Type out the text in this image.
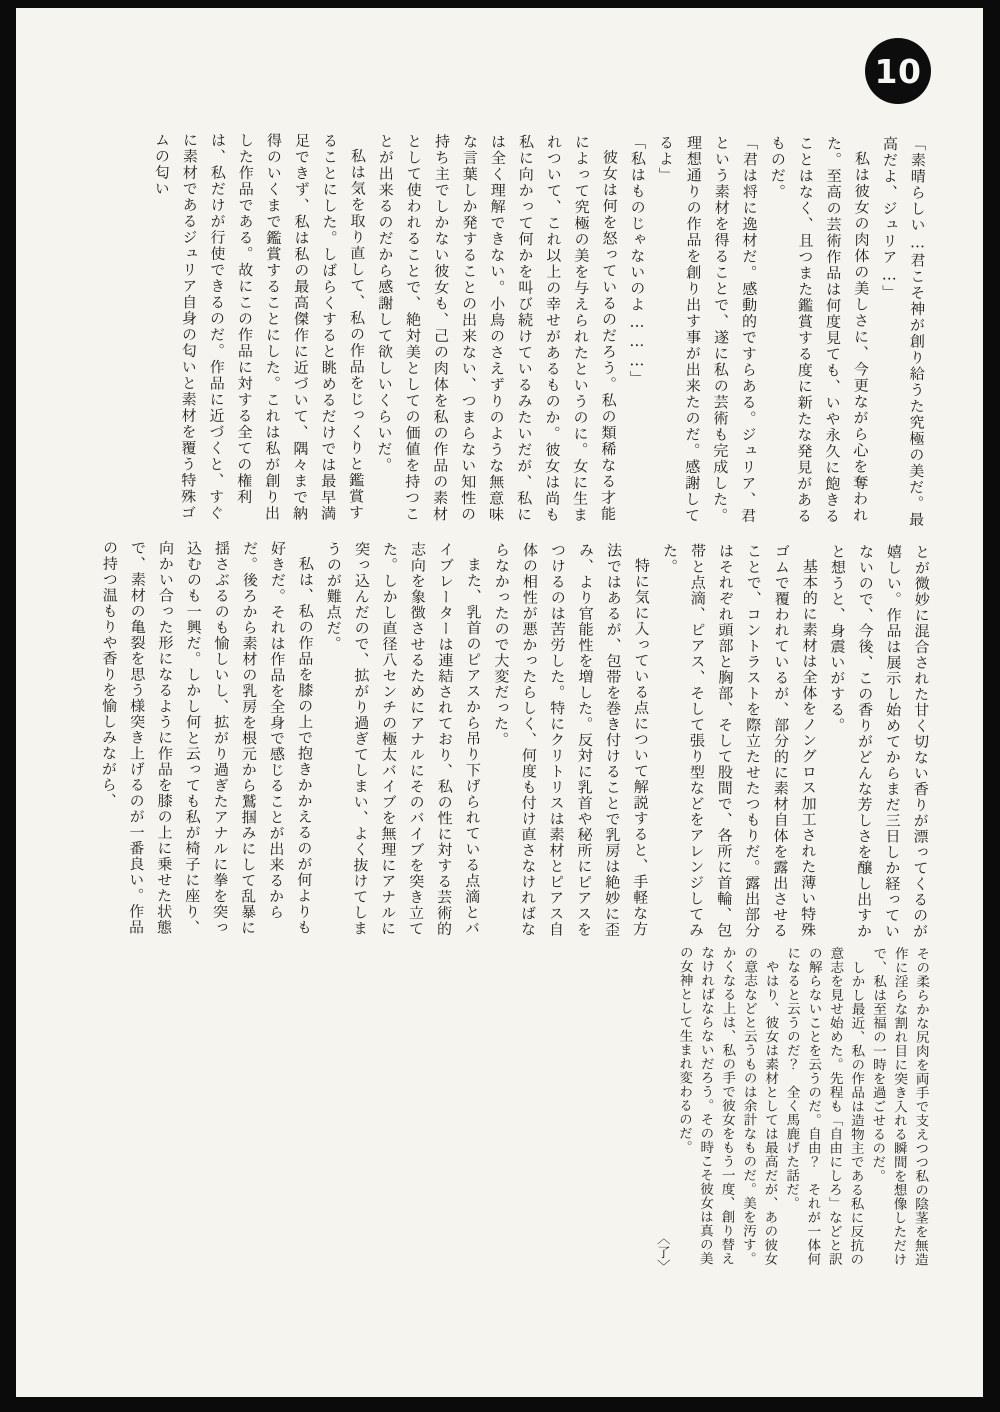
10

「素晴らしい…君こそ神が創り給うた究極の美だ。最高だよ、ジュリア…」

私は彼女の肉体の美しさに、今更ながら心を奪われた。至高の芸術作品は何度見ても、いや永久に飽きることはなく、且つまた鑑賞する度に新たな発見があるものだ。

「君は将に逸材だ。感動的ですらある。ジュリア、君という素材を得ることで、遂に私の芸術も完成した。理想通りの作品を創り出す事が出来たのだ。感謝してるよ」

「私はものじゃないのよ………」

彼女は何を怒っているのだろう。私の類稀なる才能によって究極の美を与えられたというのに。女に生まれついて、これ以上の幸せがあるものか。彼女は尚も私に向かって何かを叫び続けているみたいだが、私には全く理解できない。小鳥のさえずりのような無意味な言葉しか発することの出来ない、つまらない知性の持ち主でしかない彼女も、己の肉体を私の作品の素材として使われることで、絶対美としての価値を持つことが出来るのだから感謝して欲しいくらいだ。

私は気を取り直して、私の作品をじっくりと鑑賞することにした。しばらくすると眺めるだけでは最早満足できず、私は私の最高傑作に近づいて、隅々まで納得のいくまで鑑賞することにした。これは私が創り出した作品である。故にこの作品に対する全ての権利は、私だけが行使できるのだ。作品に近づくと、すぐに素材であるジュリア自身の匂いと素材を覆う特殊ゴムの匂い

とが微妙に混合された甘く切ない香りが漂ってくるのが嬉しい。作品は展示し始めてからまだ三日しか経っていないので、今後、この香りがどんな芳しさを醸し出すかと想うと、身震いがする。

基本的に素材は全体をノングロス加工された薄い特殊ゴムで覆われているが、部分的に素材自体を露出させることで、コントラストを際立たせたつもりだ。露出部分はそれぞれ頭部と胸部、そして股間で、各所に首輪、包帯と点滴、ピアス、そして張り型などをアレンジしてみた。

特に気に入っている点について解説すると、手軽な方法ではあるが、包帯を巻き付けることで乳房は絶妙に歪み、より官能性を増した。反対に乳首や秘所にピアスをつけるのは苦労した。特にクリトリスは素材とピアス自体の相性が悪かったらしく、何度も付け直さなければならなかったので大変だった。

また、乳首のピアスから吊り下げられている点滴とバイブレーターは連結されており、私の性に対する芸術的志向を象徴させるためにアナルにそのバイブを突き立てた。しかし直径八センチの極太バイブを無理にアナルに突っ込んだので、拡がり過ぎてしまい、よく抜けてしまうのが難点だ。

私は、私の作品を膝の上で抱きかかえるのが何よりも好きだ。それは作品を全身で感じることが出来るからだ。後ろから素材の乳房を根元から鷲掴みにして乱暴に揺さぶるのも愉しいし、拡がり過ぎたアナルに拳を突っ込むのも一興だ。しかし何と云っても私が椅子に座り、向かい合った形になるように作品を膝の上に乗せた状態で、素材の亀裂を思う様突き上げるのが一番良い。作品の持つ温もりや香りを愉しみながら、

その柔らかな尻肉を両手で支えつつ私の陰茎を無造作に淫らな割れ目に突き入れる瞬間を想像しただけで、私は至福の一時を過ごせるのだ。

しかし最近、私の作品は造物主である私に反抗の意志を見せ始めた。先程も「自由にしろ」などと訳の解らないことを云うのだ。自由？　それが一体何になると云うのだ？　全く馬鹿げた話だ。

やはり、彼女は素材としては最高だが、あの彼女の意志などと云うものは余計なものだ。美を汚す。かくなる上は、私の手で彼女をもう一度、創り替えなければならないだろう。その時こそ彼女は真の美の女神として生まれ変わるのだ。

〈了〉
